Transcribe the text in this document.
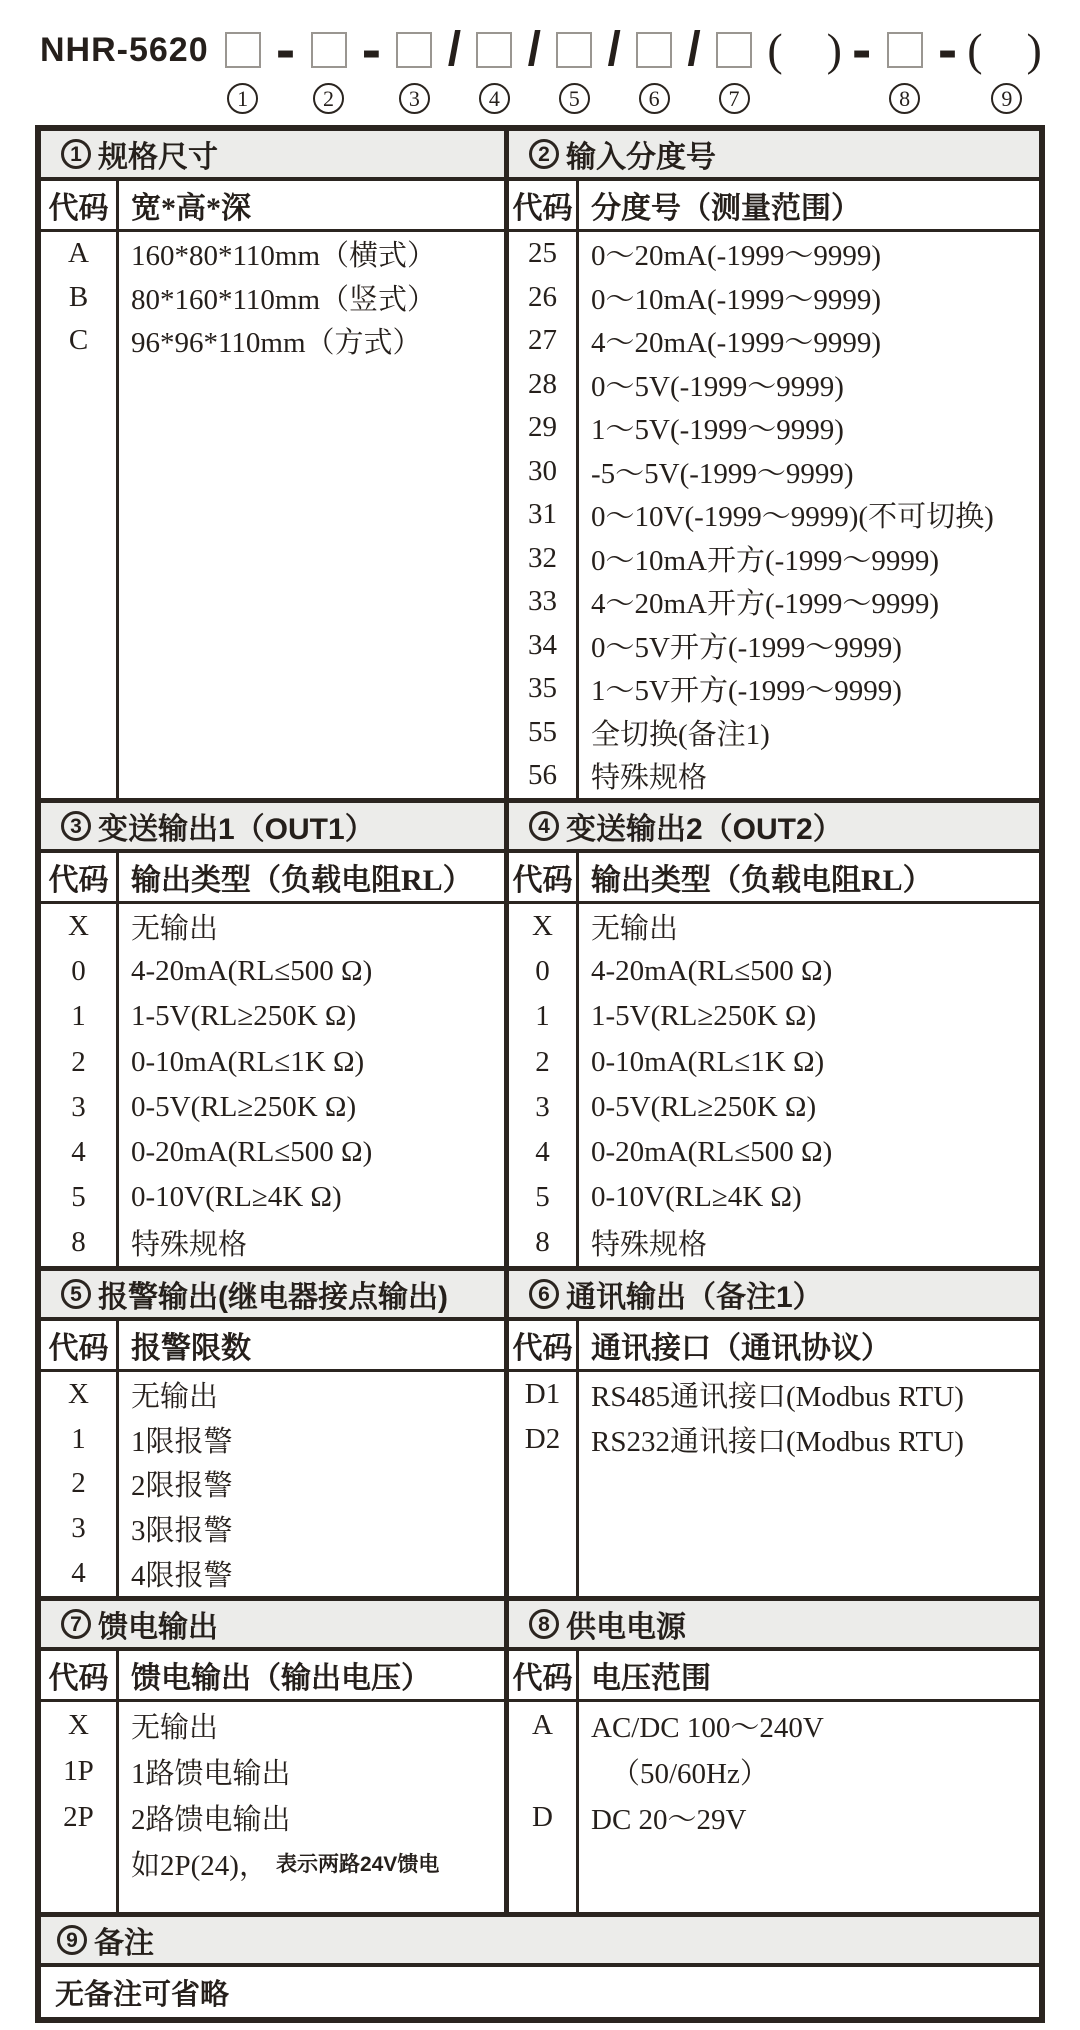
NHR-5620
1
-
2
-
3
/
4
/
5
/
6
/
7
( ) -
8
- ( )
9
1 规格尺寸
代码 宽*高*深
A
B
C
160*80*110mm（横式）
80*160*110mm（竖式）
96*96*110mm（方式）
2 输入分度号
代码 分度号（测量范围）
25
26
27
28
29
30
31
32
33
34
35
55
56
0～20mA(-1999～9999)
0～10mA(-1999～9999)
4～20mA(-1999～9999)
0～5V(-1999～9999)
1～5V(-1999～9999)
-5～5V(-1999～9999)
0～10V(-1999～9999)(不可切换)
0～10mA开方(-1999～9999)
4～20mA开方(-1999～9999)
0～5V开方(-1999～9999)
1～5V开方(-1999～9999)
全切换(备注1)
特殊规格
3 变送输出1（OUT1）
代码 输出类型（负载电阻RL）
X
0
1
2
3
4
5
8
无输出
4-20mA(RL≤500 Ω)
1-5V(RL≥250K Ω)
0-10mA(RL≤1K Ω)
0-5V(RL≥250K Ω)
0-20mA(RL≤500 Ω)
0-10V(RL≥4K Ω)
特殊规格
4 变送输出2（OUT2）
代码 输出类型（负载电阻RL）
X
0
1
2
3
4
5
8
无输出
4-20mA(RL≤500 Ω)
1-5V(RL≥250K Ω)
0-10mA(RL≤1K Ω)
0-5V(RL≥250K Ω)
0-20mA(RL≤500 Ω)
0-10V(RL≥4K Ω)
特殊规格
5 报警输出(继电器接点输出)
代码 报警限数
X
1
2
3
4
无输出
1限报警
2限报警
3限报警
4限报警
6 通讯输出（备注1）
代码 通讯接口（通讯协议）
D1
D2
RS485通讯接口(Modbus RTU)
RS232通讯接口(Modbus RTU)
7 馈电输出
代码 馈电输出（输出电压）
X
1P
2P
无输出
1路馈电输出
2路馈电输出
如2P(24)， 表示两路24V馈电
8 供电电源
代码 电压范围
A
D
AC/DC 100～240V
（50/60Hz）
DC 20～29V
9 备注
无备注可省略
